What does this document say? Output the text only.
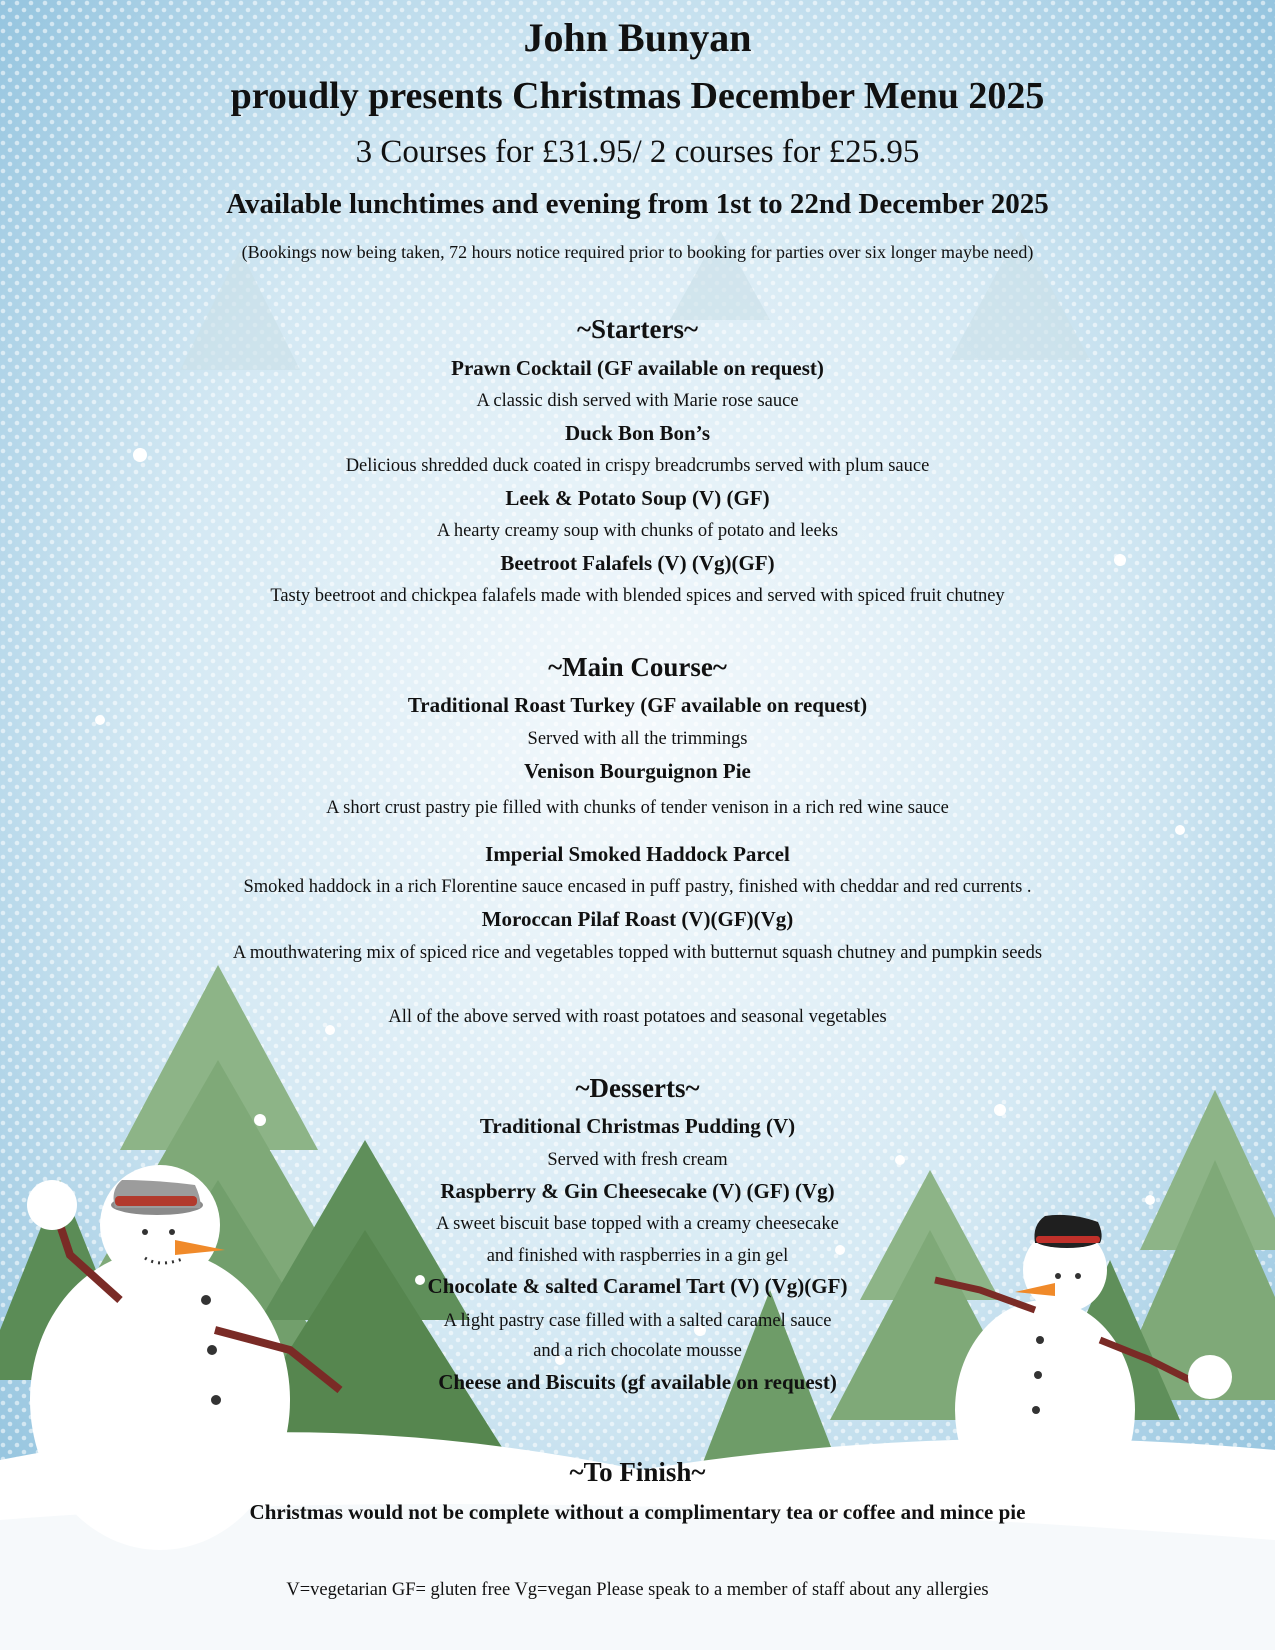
John Bunyan
proudly presents Christmas December Menu 2025
3 Courses for £31.95/ 2 courses for £25.95
Available lunchtimes and evening from 1st to 22nd December 2025
(Bookings now being taken, 72 hours notice required prior to booking for parties over six longer maybe need)
~Starters~
Prawn Cocktail (GF available on request)
A classic dish served with Marie rose sauce
Duck Bon Bon’s
Delicious shredded duck coated in crispy breadcrumbs served with plum sauce
Leek & Potato Soup (V) (GF)
A hearty creamy soup with chunks of potato and leeks
Beetroot Falafels (V) (Vg)(GF)
Tasty beetroot and chickpea falafels made with blended spices and served with spiced fruit chutney
~Main Course~
Traditional Roast Turkey (GF available on request)
Served with all the trimmings
Venison Bourguignon Pie
A short crust pastry pie filled with chunks of tender venison in a rich red wine sauce
Imperial Smoked Haddock Parcel
Smoked haddock in a rich Florentine sauce encased in puff pastry, finished with cheddar and red currents .
Moroccan Pilaf Roast (V)(GF)(Vg)
A mouthwatering mix of spiced rice and vegetables topped with butternut squash chutney and pumpkin seeds
All of the above served with roast potatoes and seasonal vegetables
~Desserts~
Traditional Christmas Pudding (V)
Served with fresh cream
Raspberry & Gin Cheesecake (V) (GF) (Vg)
A sweet biscuit base topped with a creamy cheesecake
and finished with raspberries in a gin gel
Chocolate & salted Caramel Tart (V) (Vg)(GF)
A light pastry case filled with a salted caramel sauce
and a rich chocolate mousse
Cheese and Biscuits (gf available on request)
~To Finish~
Christmas would not be complete without a complimentary tea or coffee and mince pie
V=vegetarian GF= gluten free Vg=vegan Please speak to a member of staff about any allergies
